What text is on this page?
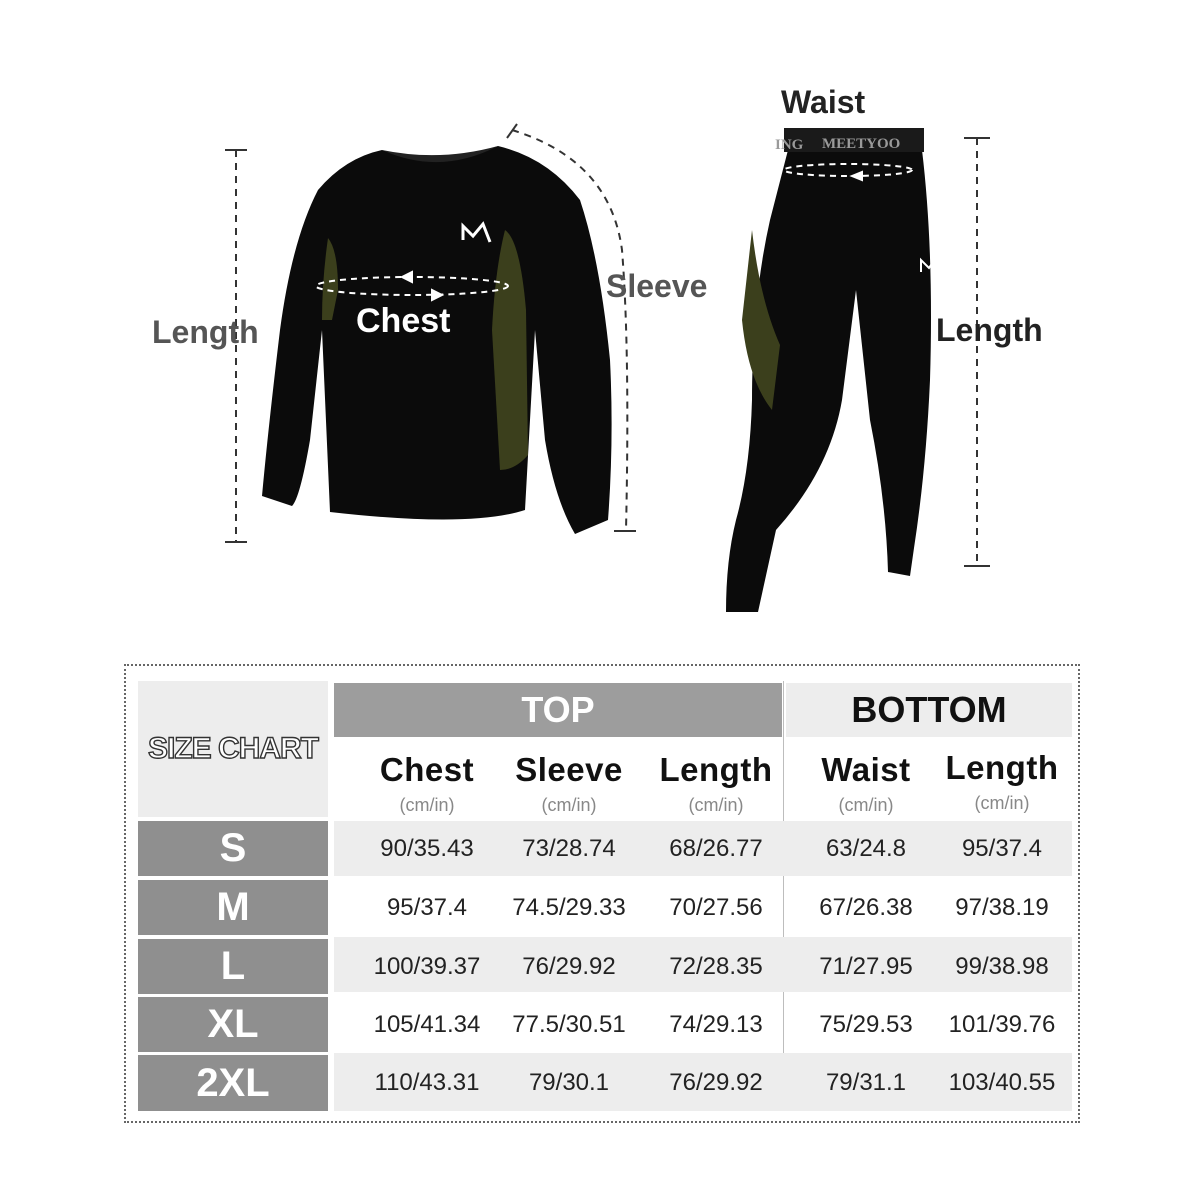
MEETYOO
ING
Length	Chest
Sleeve
Waist
Length
SIZE CHART
TOP	BOTTOM
Chest
(cm/in)
Sleeve
(cm/in)
Length
(cm/in)
Waist
(cm/in)
Length
(cm/in)
S	90/35.43	73/28.74	68/26.77	63/24.8	95/37.4
M	95/37.4	74.5/29.33	70/27.56	67/26.38	97/38.19
L	100/39.37	76/29.92	72/28.35	71/27.95	99/38.98
XL	105/41.34	77.5/30.51	74/29.13	75/29.53	101/39.76
2XL	110/43.31	79/30.1	76/29.92	79/31.1	103/40.55
